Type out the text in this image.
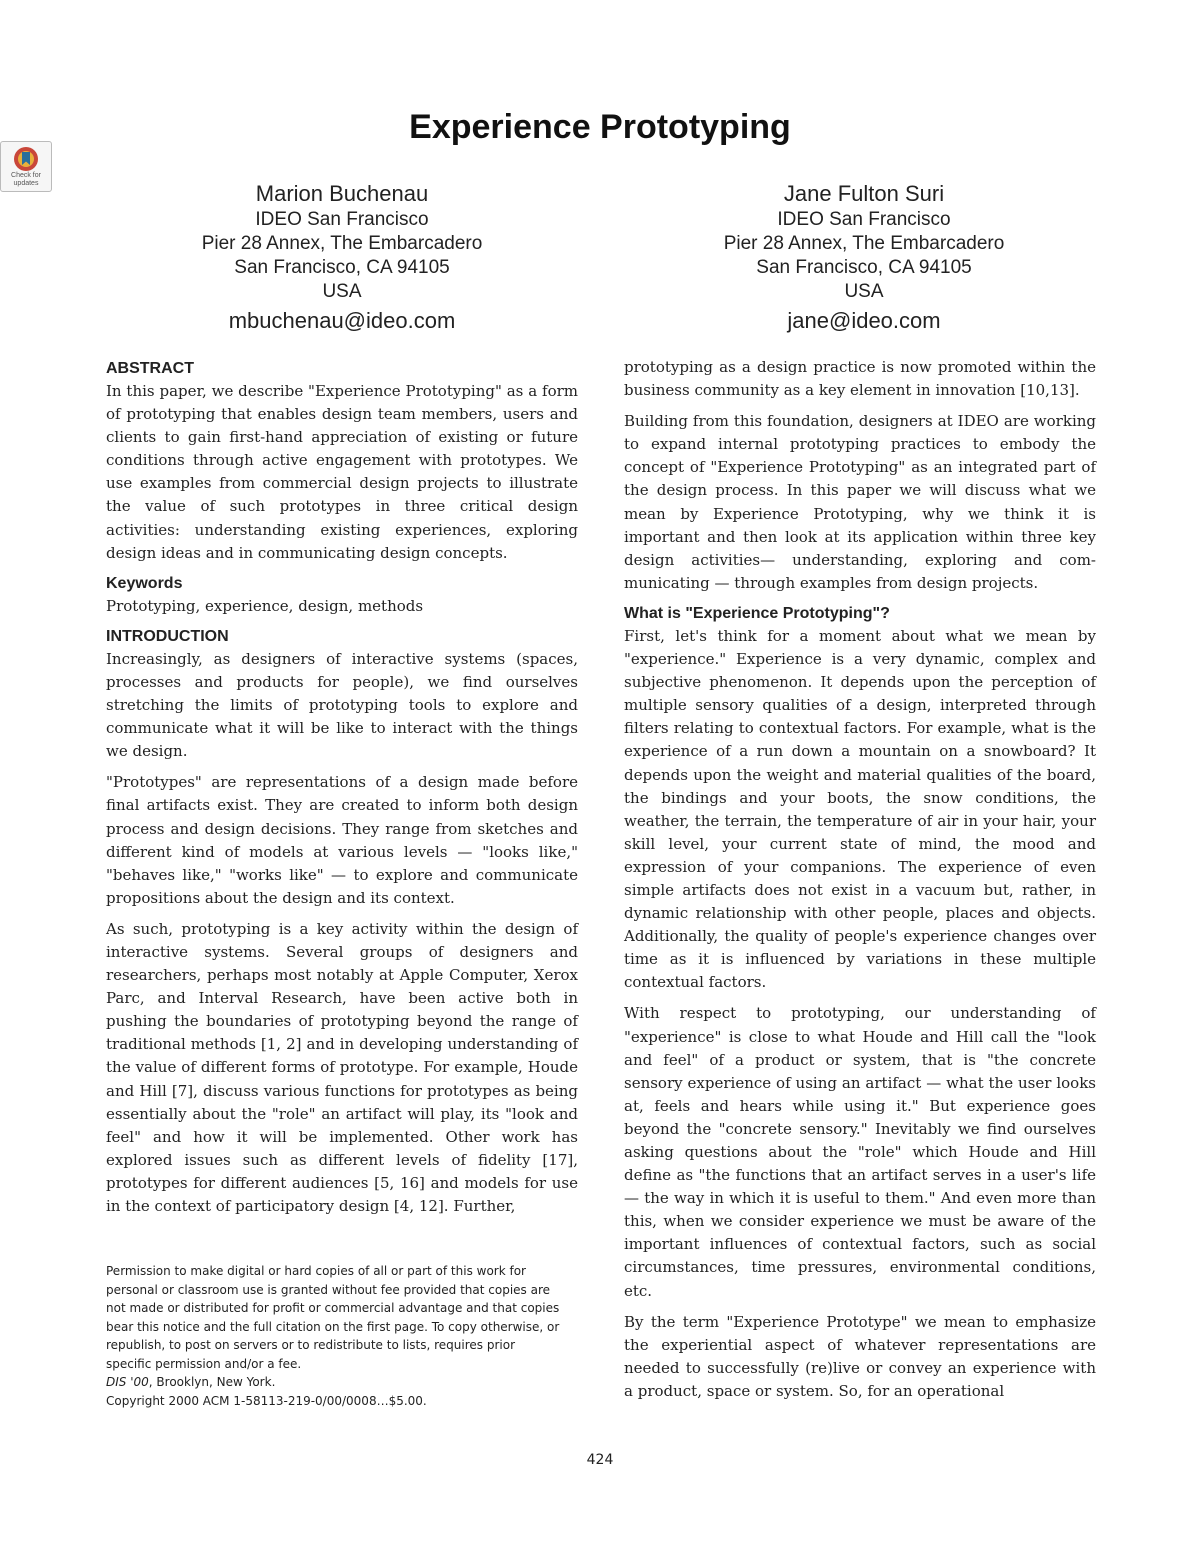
Check for updates
Experience Prototyping
Marion Buchenau
IDEO San Francisco
Pier 28 Annex, The Embarcadero
San Francisco, CA 94105
USA
mbuchenau@ideo.com
Jane Fulton Suri
IDEO San Francisco
Pier 28 Annex, The Embarcadero
San Francisco, CA 94105
USA
jane@ideo.com
ABSTRACT

In this paper, we describe "Experience Prototyping" as a form of prototyping that enables design team members, users and clients to gain first-hand appreciation of existing or future conditions through active engagement with prototypes. We use examples from commercial design projects to illustrate the value of such prototypes in three critical design activities: understanding existing experiences, exploring design ideas and in communicating design concepts.

Keywords

Prototyping, experience, design, methods

INTRODUCTION

Increasingly, as designers of interactive systems (spaces, processes and products for people), we find ourselves stretching the limits of prototyping tools to explore and communicate what it will be like to interact with the things we design.

"Prototypes" are representations of a design made before final artifacts exist. They are created to inform both design process and design decisions. They range from sketches and different kind of models at various levels — "looks like," "behaves like," "works like" — to explore and communicate propositions about the design and its context.

As such, prototyping is a key activity within the design of interactive systems. Several groups of designers and researchers, perhaps most notably at Apple Computer, Xerox Parc, and Interval Research, have been active both in pushing the boundaries of prototyping beyond the range of traditional methods [1, 2] and in developing understanding of the value of different forms of prototype. For example, Houde and Hill [7], discuss various functions for prototypes as being essentially about the "role" an artifact will play, its "look and feel" and how it will be implemented. Other work has explored issues such as different levels of fidelity [17], prototypes for different audiences [5, 16] and models for use in the context of participatory design [4, 12]. Further,

Permission to make digital or hard copies of all or part of this work for personal or classroom use is granted without fee provided that copies are not made or distributed for profit or commercial advantage and that copies bear this notice and the full citation on the first page. To copy otherwise, or republish, to post on servers or to redistribute to lists, requires prior specific permission and/or a fee.

DIS '00, Brooklyn, New York.

Copyright 2000 ACM 1-58113-219-0/00/0008…$5.00.

prototyping as a design practice is now promoted within the business community as a key element in innovation [10,13].

Building from this foundation, designers at IDEO are working to expand internal prototyping practices to embody the concept of "Experience Prototyping" as an integrated part of the design process. In this paper we will discuss what we mean by Experience Prototyping, why we think it is important and then look at its application within three key design activities— understanding, exploring and com-municating — through examples from design projects.

What is "Experience Prototyping"?

First, let's think for a moment about what we mean by "experience." Experience is a very dynamic, complex and subjective phenomenon. It depends upon the perception of multiple sensory qualities of a design, interpreted through filters relating to contextual factors. For example, what is the experience of a run down a mountain on a snowboard? It depends upon the weight and material qualities of the board, the bindings and your boots, the snow conditions, the weather, the terrain, the temperature of air in your hair, your skill level, your current state of mind, the mood and expression of your companions. The experience of even simple artifacts does not exist in a vacuum but, rather, in dynamic relationship with other people, places and objects. Additionally, the quality of people's experience changes over time as it is influenced by variations in these multiple contextual factors.

With respect to prototyping, our understanding of "experience" is close to what Houde and Hill call the "look and feel" of a product or system, that is "the concrete sensory experience of using an artifact — what the user looks at, feels and hears while using it." But experience goes beyond the "concrete sensory." Inevitably we find ourselves asking questions about the "role" which Houde and Hill define as "the functions that an artifact serves in a user's life — the way in which it is useful to them." And even more than this, when we consider experience we must be aware of the important influences of contextual factors, such as social circumstances, time pressures, environmental conditions, etc.

By the term "Experience Prototype" we mean to emphasize the experiential aspect of whatever representations are needed to successfully (re)live or convey an experience with a product, space or system. So, for an operational

424
